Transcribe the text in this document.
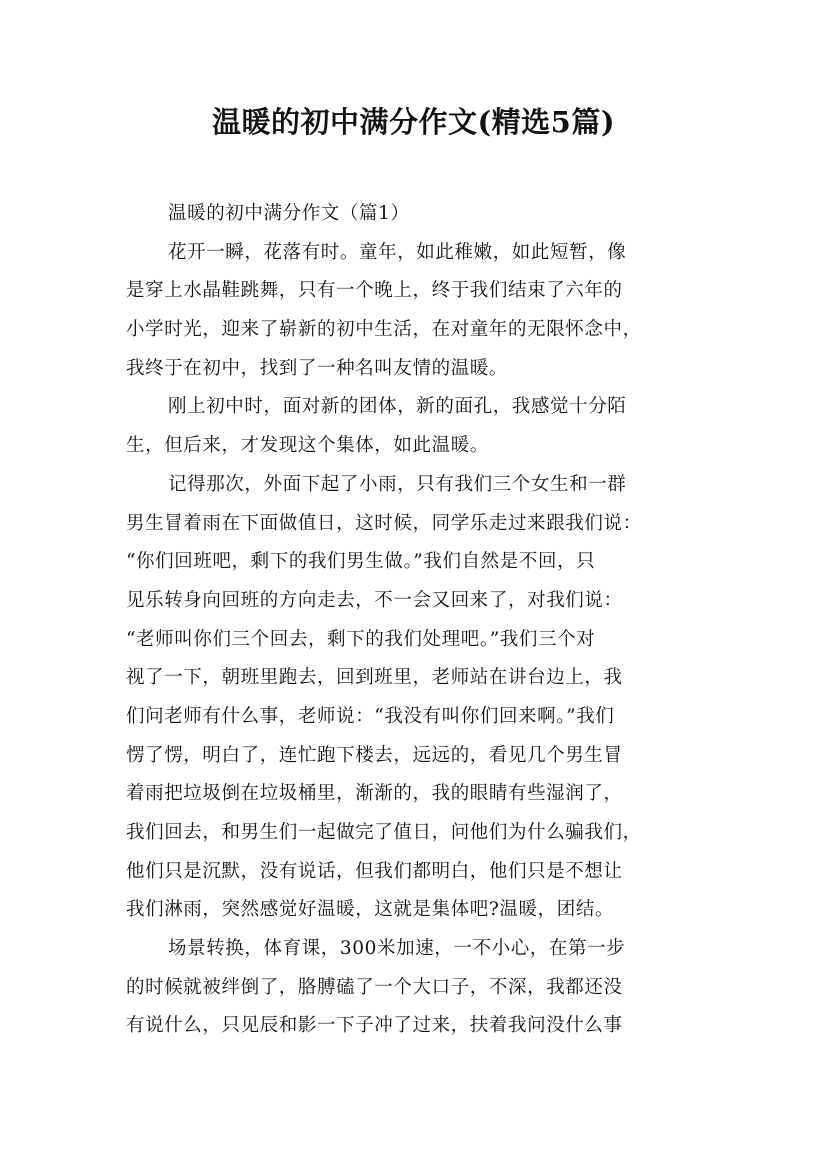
温暖的初中满分作文(精选5篇)
温暖的初中满分作文（篇1）
花开一瞬，花落有时。童年，如此稚嫩，如此短暂，像
是穿上水晶鞋跳舞，只有一个晚上，终于我们结束了六年的
小学时光，迎来了崭新的初中生活，在对童年的无限怀念中，
我终于在初中，找到了一种名叫友情的温暖。
刚上初中时，面对新的团体，新的面孔，我感觉十分陌
生，但后来，才发现这个集体，如此温暖。
记得那次，外面下起了小雨，只有我们三个女生和一群
男生冒着雨在下面做值日，这时候，同学乐走过来跟我们说：
“你们回班吧，剩下的我们男生做。”我们自然是不回，只
见乐转身向回班的方向走去，不一会又回来了，对我们说：
“老师叫你们三个回去，剩下的我们处理吧。”我们三个对
视了一下，朝班里跑去，回到班里，老师站在讲台边上，我
们问老师有什么事，老师说：“我没有叫你们回来啊。”我们
愣了愣，明白了，连忙跑下楼去，远远的，看见几个男生冒
着雨把垃圾倒在垃圾桶里，渐渐的，我的眼睛有些湿润了，
我们回去，和男生们一起做完了值日，问他们为什么骗我们，
他们只是沉默，没有说话，但我们都明白，他们只是不想让
我们淋雨，突然感觉好温暖，这就是集体吧?温暖，团结。
场景转换，体育课，300米加速，一不小心，在第一步
的时候就被绊倒了，胳膊磕了一个大口子，不深，我都还没
有说什么，只见辰和影一下子冲了过来，扶着我问没什么事
